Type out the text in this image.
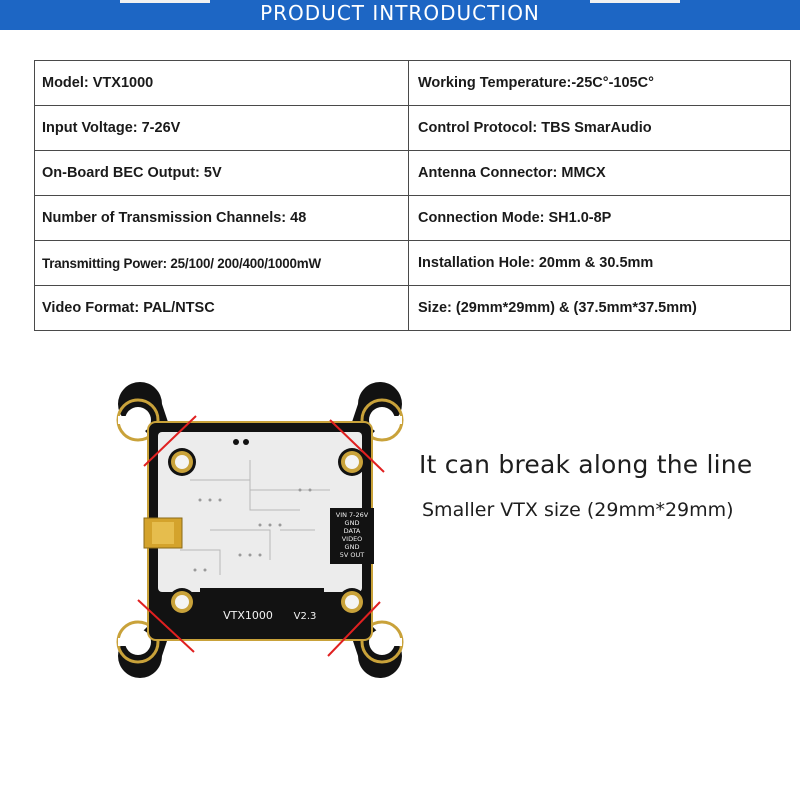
PRODUCT INTRODUCTION
Model: VTX1000	Working Temperature:-25C°-105C°
Input Voltage: 7-26V	Control Protocol: TBS SmarAudio
On-Board BEC Output: 5V	Antenna Connector: MMCX
Number of Transmission Channels: 48	Connection Mode: SH1.0-8P
Transmitting Power: 25/100/ 200/400/1000mW	Installation Hole: 20mm & 30.5mm
Video Format: PAL/NTSC	Size: (29mm*29mm) & (37.5mm*37.5mm)
VIN 7-26V
GND
DATA
VIDEO
GND
5V OUT
VTX1000 V2.3
It can break along the line
Smaller VTX size (29mm*29mm)
